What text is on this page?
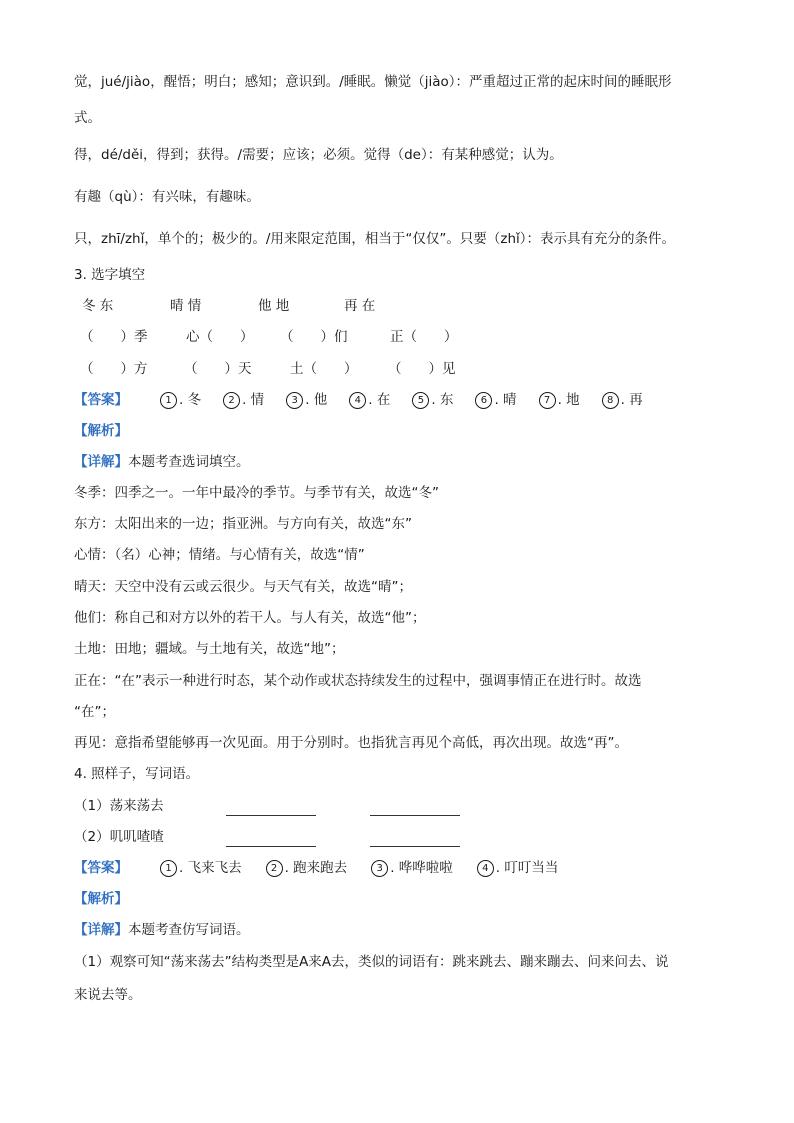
觉，jué/jiào，醒悟；明白；感知；意识到。/睡眠。懒觉（jiào）：严重超过正常的起床时间的睡眠形
式。
得，dé/děi，得到；获得。/需要；应该；必须。觉得（de）：有某种感觉；认为。
有趣（qù）：有兴味，有趣味。
只，zhī/zhǐ，单个的；极少的。/用来限定范围，相当于“仅仅”。只要（zhǐ）：表示具有充分的条件。
3. 选字填空
冬 东	晴 情	他 地	再 在
（　　）季	心（　　） （　　）们	正（　　）
（　　）方	（　　）天	土（　　） （　　）见
【答案】	1 . 冬	2 . 情	3 . 他	4 . 在	5 . 东	6 . 晴	7 . 地	8 . 再
【解析】
【详解】本题考查选词填空。
冬季：四季之一。一年中最冷的季节。与季节有关，故选“冬”
东方：太阳出来的一边；指亚洲。与方向有关，故选“东”
心情：（名）心神；情绪。与心情有关，故选“情”
晴天：天空中没有云或云很少。与天气有关，故选“晴”；
他们：称自己和对方以外的若干人。与人有关，故选“他”；
土地：田地；疆域。与土地有关，故选“地”；
正在：“在”表示一种进行时态，某个动作或状态持续发生的过程中，强调事情正在进行时。故选
“在”；
再见：意指希望能够再一次见面。用于分别时。也指犹言再见个高低，再次出现。故选“再”。
4. 照样子，写词语。
（1）荡来荡去
（2）叽叽喳喳
【答案】	1 . 飞来飞去	2 . 跑来跑去	3 . 哗哗啦啦	4 . 叮叮当当
【解析】
【详解】本题考查仿写词语。
（1）观察可知“荡来荡去”结构类型是A来A去，类似的词语有：跳来跳去、蹦来蹦去、问来问去、说
来说去等。
